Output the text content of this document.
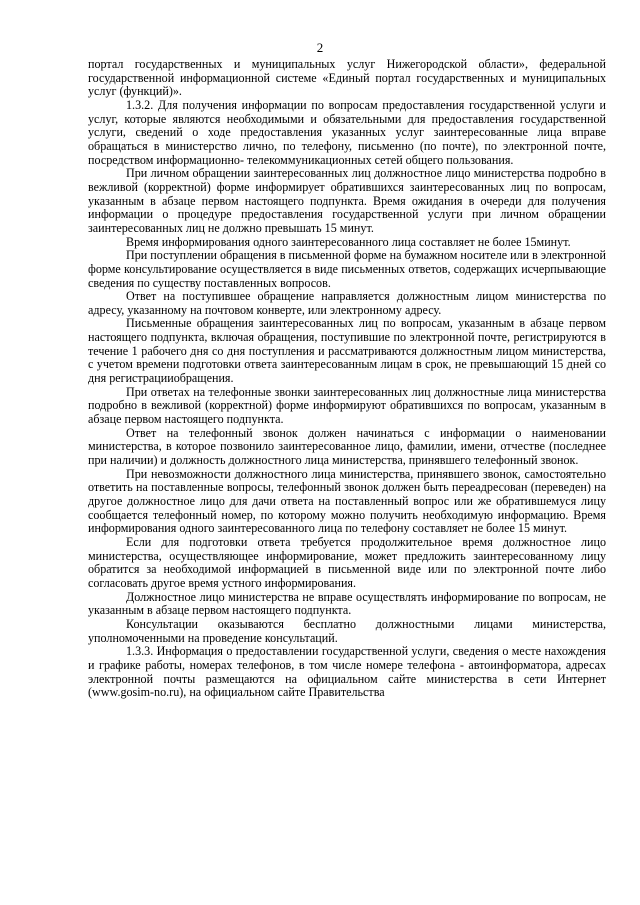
2

портал государственных и муниципальных услуг Нижегородской области», федеральной государственной информационной системе «Единый портал государственных и муниципальных услуг (функций)».

1.3.2. Для получения информации по вопросам предоставления государственной услуги и услуг, которые являются необходимыми и обязательными для предоставления государственной услуги, сведений о ходе предоставления указанных услуг заинтересованные лица вправе обращаться в министерство лично, по телефону, письменно (по почте), по электронной почте, посредством информационно- телекоммуникационных сетей общего пользования.

При личном обращении заинтересованных лиц должностное лицо министерства подробно в вежливой (корректной) форме информирует обратившихся заинтересованных лиц по вопросам, указанным в абзаце первом настоящего подпункта. Время ожидания в очереди для получения информации о процедуре предоставления государственной услуги при личном обращении заинтересованных лиц не должно превышать 15 минут.

Время информирования одного заинтересованного лица составляет не более 15минут.

При поступлении обращения в письменной форме на бумажном носителе или в электронной форме консультирование осуществляется в виде письменных ответов, содержащих исчерпывающие сведения по существу поставленных вопросов.

Ответ на поступившее обращение направляется должностным лицом министерства по адресу, указанному на почтовом конверте, или электронному адресу.

Письменные обращения заинтересованных лиц по вопросам, указанным в абзаце первом настоящего подпункта, включая обращения, поступившие по электронной почте, регистрируются в течение 1 рабочего дня со дня поступления и рассматриваются должностным лицом министерства, с учетом времени подготовки ответа заинтересованным лицам в срок, не превышающий 15 дней со дня регистрацииобращения.

При ответах на телефонные звонки заинтересованных лиц должностные лица министерства подробно в вежливой (корректной) форме информируют обратившихся по вопросам, указанным в абзаце первом настоящего подпункта.

Ответ на телефонный звонок должен начинаться с информации о наименовании министерства, в которое позвонило заинтересованное лицо, фамилии, имени, отчестве (последнее при наличии) и должность должностного лица министерства, принявшего телефонный звонок.

При невозможности должностного лица министерства, принявшего звонок, самостоятельно ответить на поставленные вопросы, телефонный звонок должен быть переадресован (переведен) на другое должностное лицо для дачи ответа на поставленный вопрос или же обратившемуся лицу сообщается телефонный номер, по которому можно получить необходимую информацию. Время информирования одного заинтересованного лица по телефону составляет не более 15 минут.

Если для подготовки ответа требуется продолжительное время должностное лицо министерства, осуществляющее информирование, может предложить заинтересованному лицу обратится за необходимой информацией в письменной виде или по электронной почте либо согласовать другое время устного информирования.

Должностное лицо министерства не вправе осуществлять информирование по вопросам, не указанным в абзаце первом настоящего подпункта.

Консультации оказываются бесплатно должностными лицами министерства, уполномоченными на проведение консультаций.

1.3.3. Информация о предоставлении государственной услуги, сведения о месте нахождения и графике работы, номерах телефонов, в том числе номере телефона - автоинформатора, адресах электронной почты размещаются на официальном сайте министерства в сети Интернет (www.gosim-no.ru), на официальном сайте Правительства
